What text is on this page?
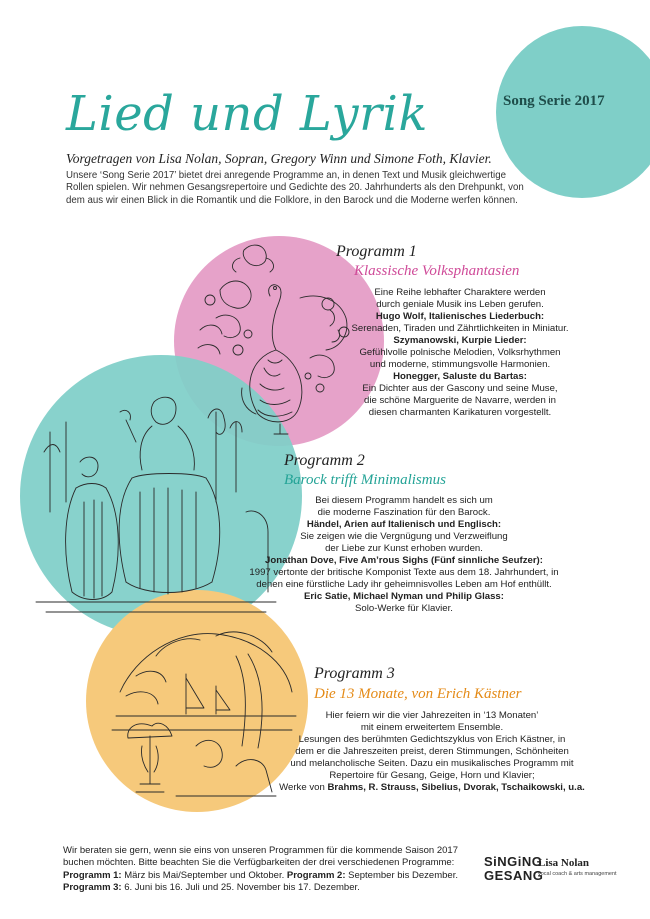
Lied und Lyrik	Song Serie 2017
Vorgetragen von Lisa Nolan, Sopran, Gregory Winn und Simone Foth, Klavier.
Unsere ‘Song Serie 2017’ bietet drei anregende Programme an, in denen Text und Musik gleichwertige
Rollen spielen. Wir nehmen Gesangsrepertoire und Gedichte des 20. Jahrhunderts als den Drehpunkt, von
dem aus wir einen Blick in die Romantik und die Folklore, in den Barock und die Moderne werfen können.
Programm 1
Klassische Volksphantasien
Eine Reihe lebhafter Charaktere werden
durch geniale Musik ins Leben gerufen.
Hugo Wolf, Italienisches Liederbuch:
Serenaden, Tiraden und Zährtlichkeiten in Miniatur.
Szymanowski, Kurpie Lieder:
Gefühlvolle polnische Melodien, Volksrhythmen
und moderne, stimmungsvolle Harmonien.
Honegger, Saluste du Bartas:
Ein Dichter aus der Gascony und seine Muse,
die schöne Marguerite de Navarre, werden in
diesen charmanten Karikaturen vorgestellt.
Programm 2
Barock trifft Minimalismus
Bei diesem Programm handelt es sich um
die moderne Faszination für den Barock.
Händel, Arien auf Italienisch und Englisch:
Sie zeigen wie die Vergnügung und Verzweiflung
der Liebe zur Kunst erhoben wurden.
Jonathan Dove, Five Am’rous Sighs (Fünf sinnliche Seufzer):
1997 vertonte der britische Komponist Texte aus dem 18. Jahrhundert, in
denen eine fürstliche Lady ihr geheimnisvolles Leben am Hof enthüllt.
Eric Satie, Michael Nyman und Philip Glass:
Solo-Werke für Klavier.
Programm 3
Die 13 Monate, von Erich Kästner
Hier feiern wir die vier Jahrezeiten in ‘13 Monaten’
mit einem erweitertem Ensemble.
Lesungen des berühmten Gedichtszyklus von Erich Kästner, in
dem er die Jahreszeiten preist, deren Stimmungen, Schönheiten
und melancholische Seiten. Dazu ein musikalisches Programm mit
Repertoire für Gesang, Geige, Horn und Klavier;
Werke von Brahms, R. Strauss, Sibelius, Dvorak, Tschaikowski, u.a.
Wir beraten sie gern, wenn sie eins von unseren Programmen für die kommende Saison 2017
buchen möchten. Bitte beachten Sie die Verfügbarkeiten der drei verschiedenen Programme:
Programm 1: März bis Mai/September und Oktober. Programm 2: September bis Dezember.
Programm 3: 6. Juni bis 16. Juli und 25. November bis 17. Dezember.
SiNGiNG
GESANG
Lisa Nolan
vocal coach & arts management
